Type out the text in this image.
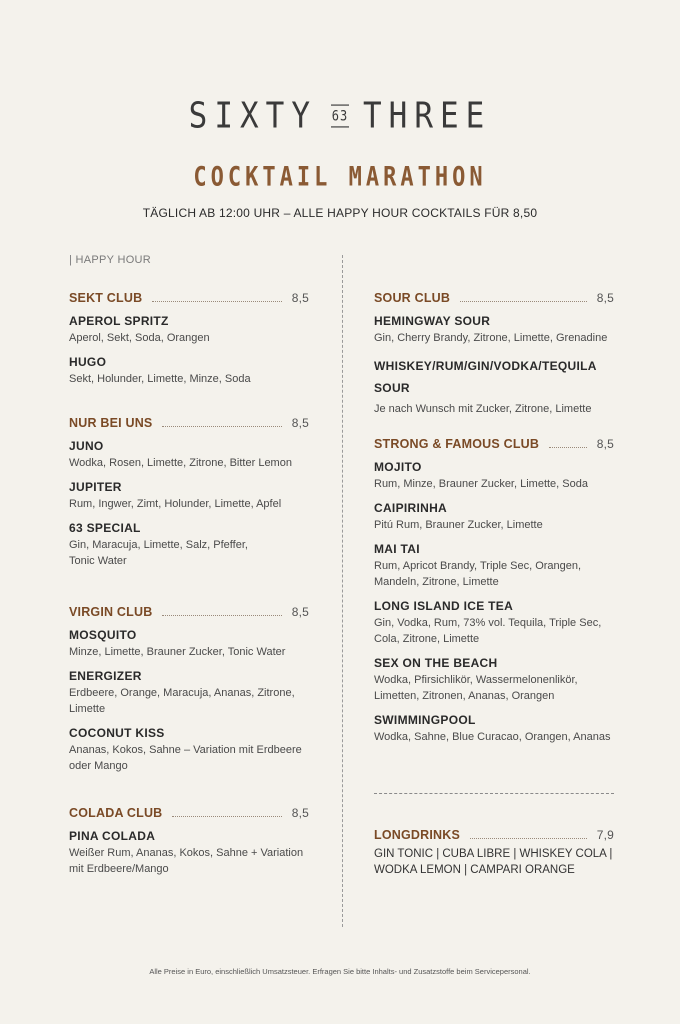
SIXTY 63 THREE
COCKTAIL MARATHON
TÄGLICH AB 12:00 UHR – ALLE HAPPY HOUR COCKTAILS FÜR 8,50
| HAPPY HOUR
SEKT CLUB	8,5
APEROL SPRITZ
Aperol, Sekt, Soda, Orangen
HUGO
Sekt, Holunder, Limette, Minze, Soda
NUR BEI UNS	8,5
JUNO
Wodka, Rosen, Limette, Zitrone, Bitter Lemon
JUPITER
Rum, Ingwer, Zimt, Holunder, Limette, Apfel
63 SPECIAL
Gin, Maracuja, Limette, Salz, Pfeffer, Tonic Water
VIRGIN CLUB	8,5
MOSQUITO
Minze, Limette, Brauner Zucker, Tonic Water
ENERGIZER
Erdbeere, Orange, Maracuja, Ananas, Zitrone, Limette
COCONUT KISS
Ananas, Kokos, Sahne – Variation mit Erdbeere oder Mango
COLADA CLUB	8,5
PINA COLADA
Weißer Rum, Ananas, Kokos, Sahne + Variation mit Erdbeere/Mango
SOUR CLUB	8,5
HEMINGWAY SOUR
Gin, Cherry Brandy, Zitrone, Limette, Grenadine
WHISKEY/RUM/GIN/VODKA/TEQUILA SOUR
Je nach Wunsch mit Zucker, Zitrone, Limette
STRONG & FAMOUS CLUB	8,5
MOJITO
Rum, Minze, Brauner Zucker, Limette, Soda
CAIPIRINHA
Pitú Rum, Brauner Zucker, Limette
MAI TAI
Rum, Apricot Brandy, Triple Sec, Orangen, Mandeln, Zitrone, Limette
LONG ISLAND ICE TEA
Gin, Vodka, Rum, 73% vol. Tequila, Triple Sec, Cola, Zitrone, Limette
SEX ON THE BEACH
Wodka, Pfirsichlikör, Wassermelonenlikör, Limetten, Zitronen, Ananas, Orangen
SWIMMINGPOOL
Wodka, Sahne, Blue Curacao, Orangen, Ananas
LONGDRINKS	7,9
GIN TONIC | CUBA LIBRE | WHISKEY COLA | WODKA LEMON | CAMPARI ORANGE
Alle Preise in Euro, einschließlich Umsatzsteuer. Erfragen Sie bitte Inhalts- und Zusatzstoffe beim Servicepersonal.
